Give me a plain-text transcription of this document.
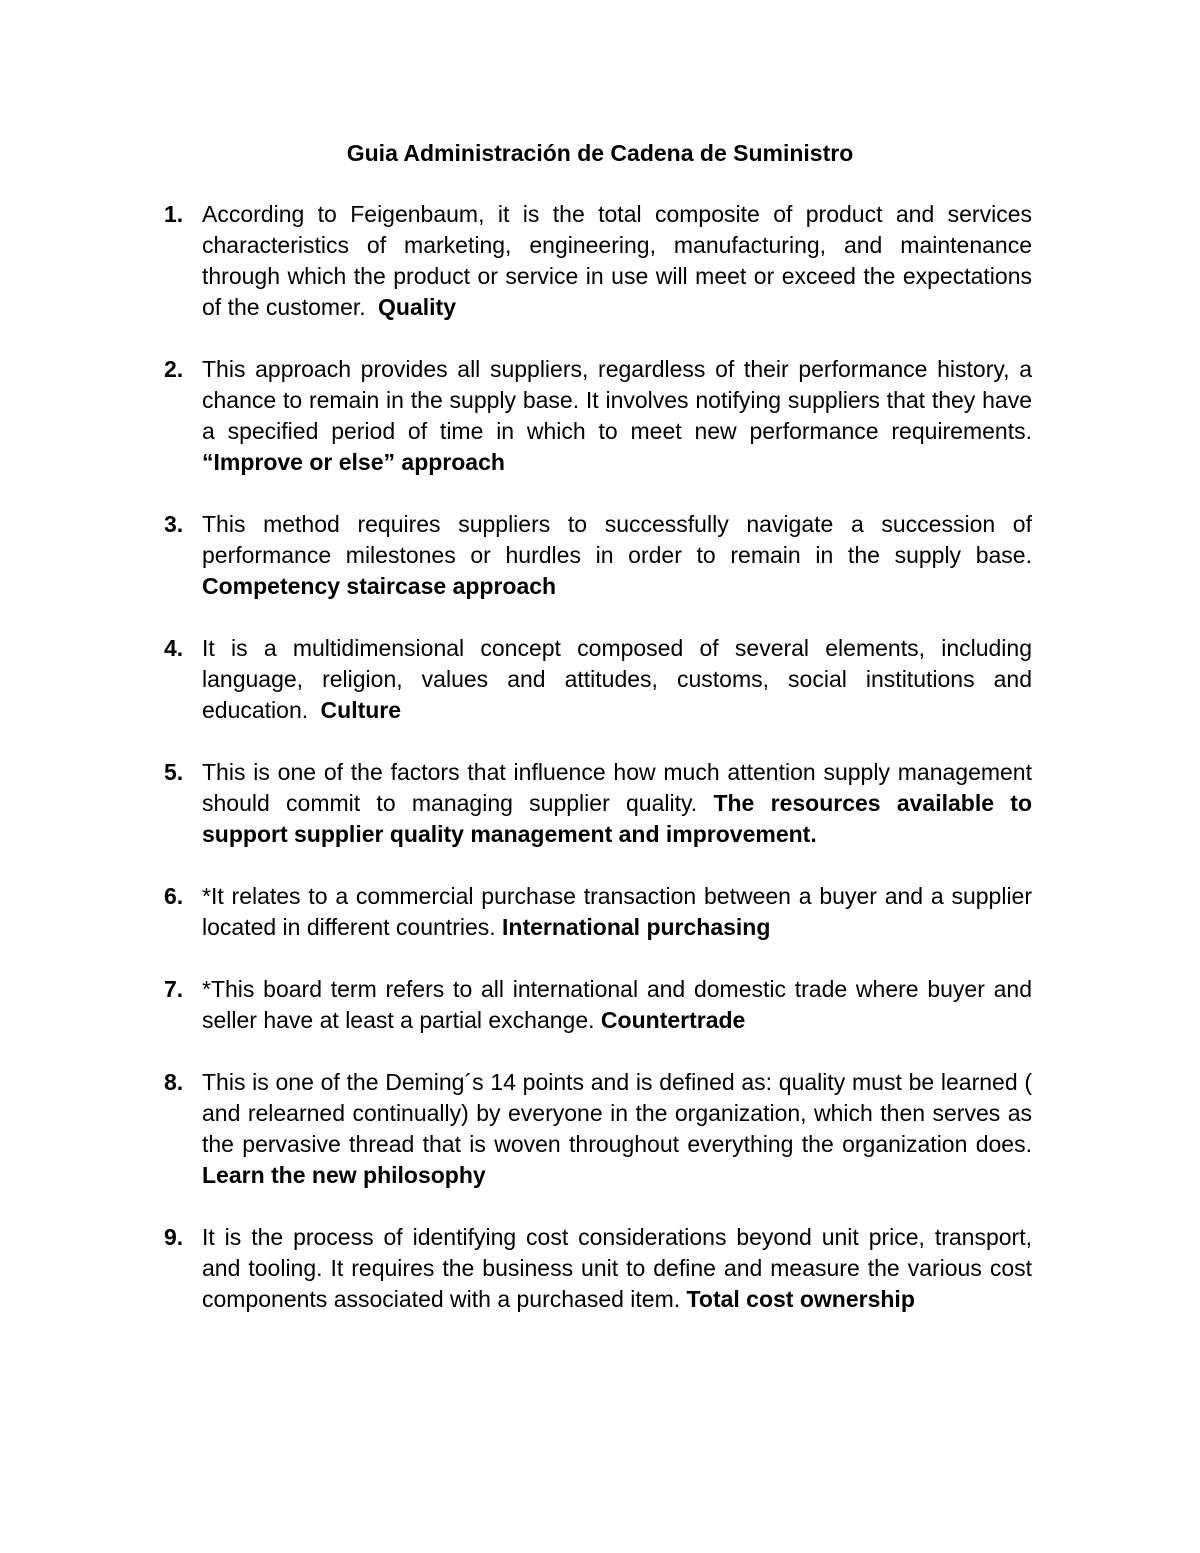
Guia Administración de Cadena de Suministro
1. According to Feigenbaum, it is the total composite of product and services characteristics of marketing, engineering, manufacturing, and maintenance through which the product or service in use will meet or exceed the expectations of the customer. Quality
2. This approach provides all suppliers, regardless of their performance history, a chance to remain in the supply base. It involves notifying suppliers that they have a specified period of time in which to meet new performance requirements. “Improve or else” approach
3. This method requires suppliers to successfully navigate a succession of performance milestones or hurdles in order to remain in the supply base. Competency staircase approach
4. It is a multidimensional concept composed of several elements, including language, religion, values and attitudes, customs, social institutions and education. Culture
5. This is one of the factors that influence how much attention supply management should commit to managing supplier quality. The resources available to support supplier quality management and improvement.
6. *It relates to a commercial purchase transaction between a buyer and a supplier located in different countries. International purchasing
7. *This board term refers to all international and domestic trade where buyer and seller have at least a partial exchange. Countertrade
8. This is one of the Deming´s 14 points and is defined as: quality must be learned ( and relearned continually) by everyone in the organization, which then serves as the pervasive thread that is woven throughout everything the organization does. Learn the new philosophy
9. It is the process of identifying cost considerations beyond unit price, transport, and tooling. It requires the business unit to define and measure the various cost components associated with a purchased item. Total cost ownership
